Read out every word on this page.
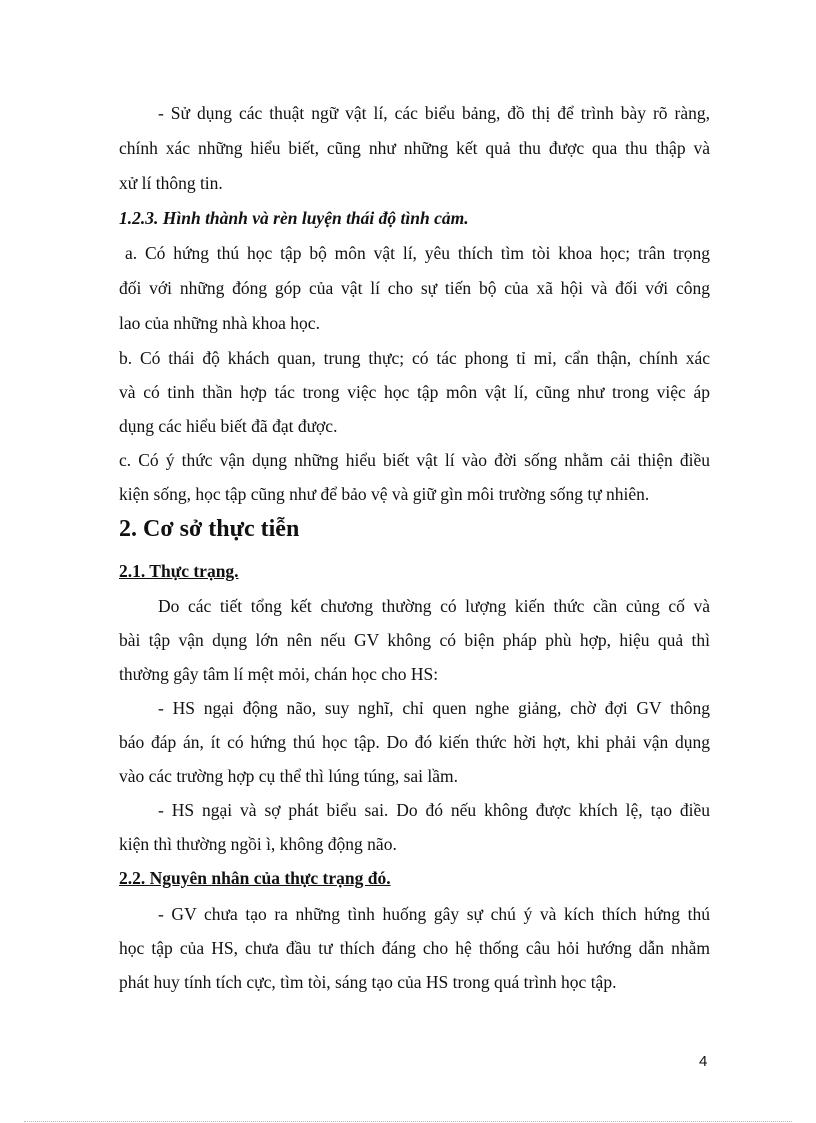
- Sử dụng các thuật ngữ vật lí, các biểu bảng, đồ thị để trình bày rõ ràng,
chính xác những hiểu biết, cũng như những kết quả thu được qua thu thập và
xử lí thông tin.
1.2.3. Hình thành và rèn luyện thái độ tình cảm.
a. Có hứng thú học tập bộ môn vật lí, yêu thích tìm tòi khoa học; trân trọng
đối với những đóng góp của vật lí cho sự tiến bộ của xã hội và đối với công
lao của những nhà khoa học.
b. Có thái độ khách quan, trung thực; có tác phong tỉ mỉ, cẩn thận, chính xác
và có tinh thần hợp tác trong việc học tập môn vật lí, cũng như trong việc áp
dụng các hiểu biết đã đạt được.
c. Có ý thức vận dụng những hiểu biết vật lí vào đời sống nhằm cải thiện điều
kiện sống, học tập cũng như để bảo vệ và giữ gìn môi trường sống tự nhiên.
2. Cơ sở thực tiễn
2.1. Thực trạng.
Do các tiết tổng kết chương thường có lượng kiến thức cần củng cố và
bài tập vận dụng lớn nên nếu GV không có biện pháp phù hợp, hiệu quả thì
thường gây tâm lí mệt mỏi, chán học cho HS:
- HS ngại động não, suy nghĩ, chỉ quen nghe giảng, chờ đợi GV thông
báo đáp án, ít có hứng thú học tập. Do đó kiến thức hời hợt, khi phải vận dụng
vào các trường hợp cụ thể thì lúng túng, sai lầm.
- HS ngại và sợ phát biểu sai. Do đó nếu không được khích lệ, tạo điều
kiện thì thường ngồi ì, không động não.
2.2. Nguyên nhân của thực trạng đó.
- GV chưa tạo ra những tình huống gây sự chú ý và kích thích hứng thú
học tập của HS, chưa đầu tư thích đáng cho hệ thống câu hỏi hướng dẫn nhằm
phát huy tính tích cực, tìm tòi, sáng tạo của HS trong quá trình học tập.
4
